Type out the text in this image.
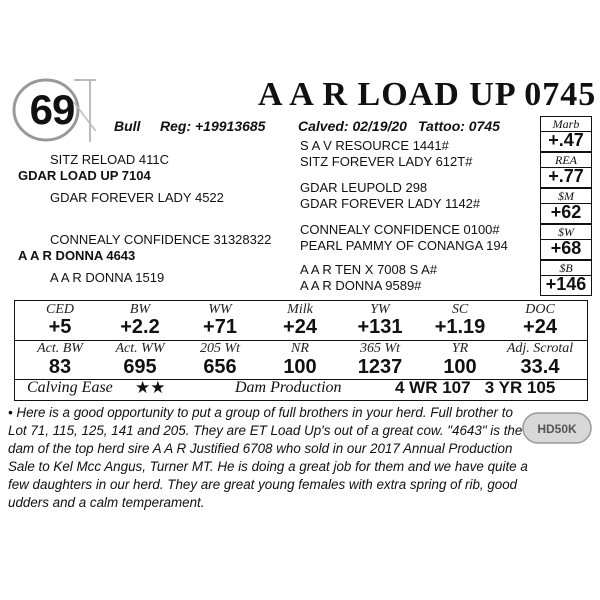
69	A A R LOAD UP 0745
Bull Reg: +19913685 Calved: 02/19/20 Tattoo: 0745
S A V RESOURCE 1441#
SITZ RELOAD 411C	SITZ FOREVER LADY 612T#
GDAR LOAD UP 7104
GDAR LEUPOLD 298
GDAR FOREVER LADY 4522	GDAR FOREVER LADY 1142#
CONNEALY CONFIDENCE 0100#
CONNEALY CONFIDENCE 31328322 PEARL PAMMY OF CONANGA 194
A A R DONNA 4643
A A R TEN X 7008 S A#
A A R DONNA 1519
A A R DONNA 9589#
Marb
+.47
REA
+.77
$M
+62
$W
+68
$B
+146
CED	BW	WW	Milk	YW	SC	DOC
+5	+2.2	+71	+24	+131	+1.19	+24
Act. BW	Act. WW	205 Wt	NR	365 Wt	YR	Adj. Scrotal
83	695	656	100	1237	100	33.4
Calving Ease ★★	Dam Production	4 WR 107   3 YR 105
• Here is a good opportunity to put a group of full brothers in your herd. Full brother to Lot 71, 115, 125, 141 and 205. They are ET Load Up's out of a great cow. "4643" is the dam of the top herd sire A A R Justified 6708 who sold in our 2017 Annual Production Sale to Kel Mcc Angus, Turner MT. He is doing a great job for them and we have quite a few daughters in our herd. They are great young females with extra spring of rib, good udders and a calm temperament.
HD50K
